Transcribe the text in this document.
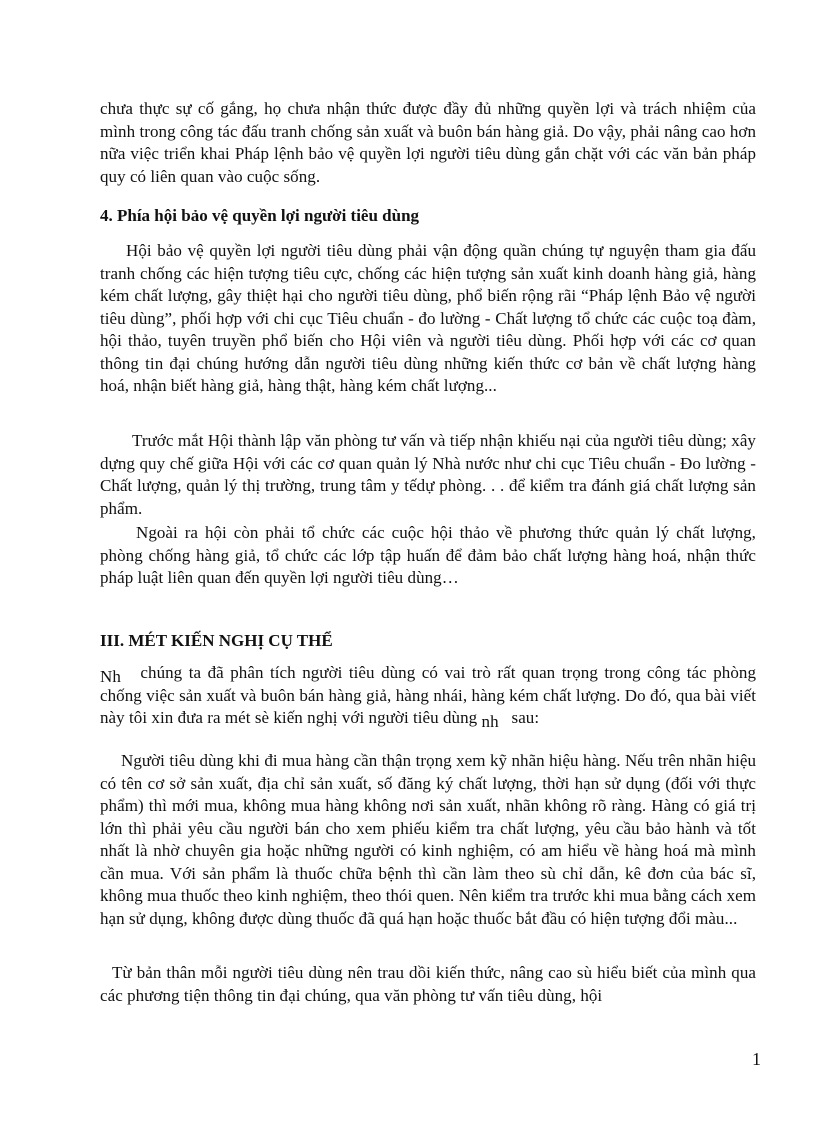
chưa thực sự cố gắng, họ chưa nhận thức được đầy đủ những quyền lợi và trách nhiệm của mình trong công tác đấu tranh chống sản xuất và buôn bán hàng giả. Do vậy, phải nâng cao hơn nữa việc triển khai Pháp lệnh bảo vệ quyền lợi người tiêu dùng gắn chặt với các văn bản pháp quy có liên quan vào cuộc sống.

4. Phía hội bảo vệ quyền lợi người tiêu dùng

Hội bảo vệ quyền lợi người tiêu dùng phải vận động quần chúng tự nguyện tham gia đấu tranh chống các hiện tượng tiêu cực, chống các hiện tượng sản xuất kinh doanh hàng giả, hàng kém chất lượng, gây thiệt hại cho người tiêu dùng, phổ biến rộng rãi “Pháp lệnh Bảo vệ người tiêu dùng”, phối hợp với chi cục Tiêu chuẩn - đo lường - Chất lượng tổ chức các cuộc toạ đàm, hội thảo, tuyên truyền phổ biến cho Hội viên và người tiêu dùng. Phối hợp với các cơ quan thông tin đại chúng hướng dẫn người tiêu dùng những kiến thức cơ bản về chất lượng hàng hoá, nhận biết hàng giả, hàng thật, hàng kém chất lượng...

Trước mắt Hội thành lập văn phòng tư vấn và tiếp nhận khiếu nại của người tiêu dùng; xây dựng quy chế giữa Hội với các cơ quan quản lý Nhà nước như chi cục Tiêu chuẩn - Đo lường - Chất lượng, quản lý thị trường, trung tâm y tếdự phòng. . . để kiểm tra đánh giá chất lượng sản phẩm.

Ngoài ra hội còn phải tổ chức các cuộc hội thảo về phương thức quản lý chất lượng, phòng chống hàng giả, tổ chức các lớp tập huấn để đảm bảo chất lượng hàng hoá, nhận thức pháp luật liên quan đến quyền lợi người tiêu dùng…

III. MÉT KIẾN NGHỊ CỤ THỂ

Nh chúng ta đã phân tích người tiêu dùng có vai trò rất quan trọng trong công tác phòng chống việc sản xuất và buôn bán hàng giả, hàng nhái, hàng kém chất lượng. Do đó, qua bài viết này tôi xin đưa ra mét sè kiến nghị với người tiêu dùng nh sau:

Người tiêu dùng khi đi mua hàng cần thận trọng xem kỹ nhãn hiệu hàng. Nếu trên nhãn hiệu có tên cơ sở sản xuất, địa chỉ sản xuất, số đăng ký chất lượng, thời hạn sử dụng (đối với thực phẩm) thì mới mua, không mua hàng không nơi sản xuất, nhãn không rõ ràng. Hàng có giá trị lớn thì phải yêu cầu người bán cho xem phiếu kiểm tra chất lượng, yêu cầu bảo hành và tốt nhất là nhờ chuyên gia hoặc những người có kinh nghiệm, có am hiểu về hàng hoá mà mình cần mua. Với sản phẩm là thuốc chữa bệnh thì cần làm theo sù chỉ dẫn, kê đơn của bác sĩ, không mua thuốc theo kinh nghiệm, theo thói quen. Nên kiểm tra trước khi mua bằng cách xem hạn sử dụng, không được dùng thuốc đã quá hạn hoặc thuốc bắt đầu có hiện tượng đổi màu...

Từ bản thân mỗi người tiêu dùng nên trau dồi kiến thức, nâng cao sù hiểu biết của mình qua các phương tiện thông tin đại chúng, qua văn phòng tư vấn tiêu dùng, hội

1
